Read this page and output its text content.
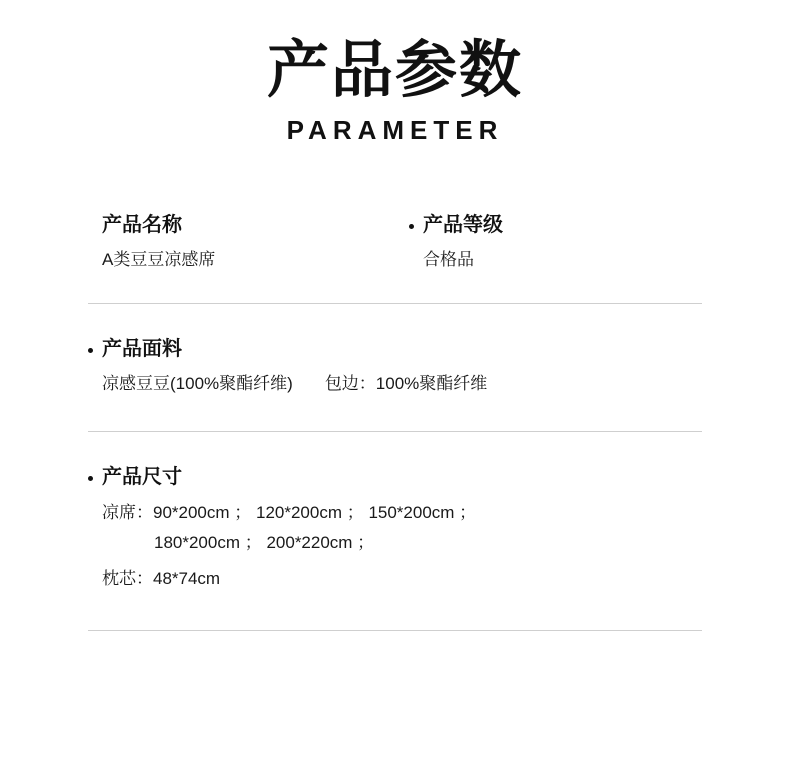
产品参数
PARAMETER
产品名称
A类豆豆凉感席
产品等级
合格品
产品面料
凉感豆豆(100%聚酯纤维) 包边：100%聚酯纤维
产品尺寸
凉席：90*200cm ； 120*200cm ； 150*200cm ；
180*200cm ； 200*220cm ；
枕芯：48*74cm
